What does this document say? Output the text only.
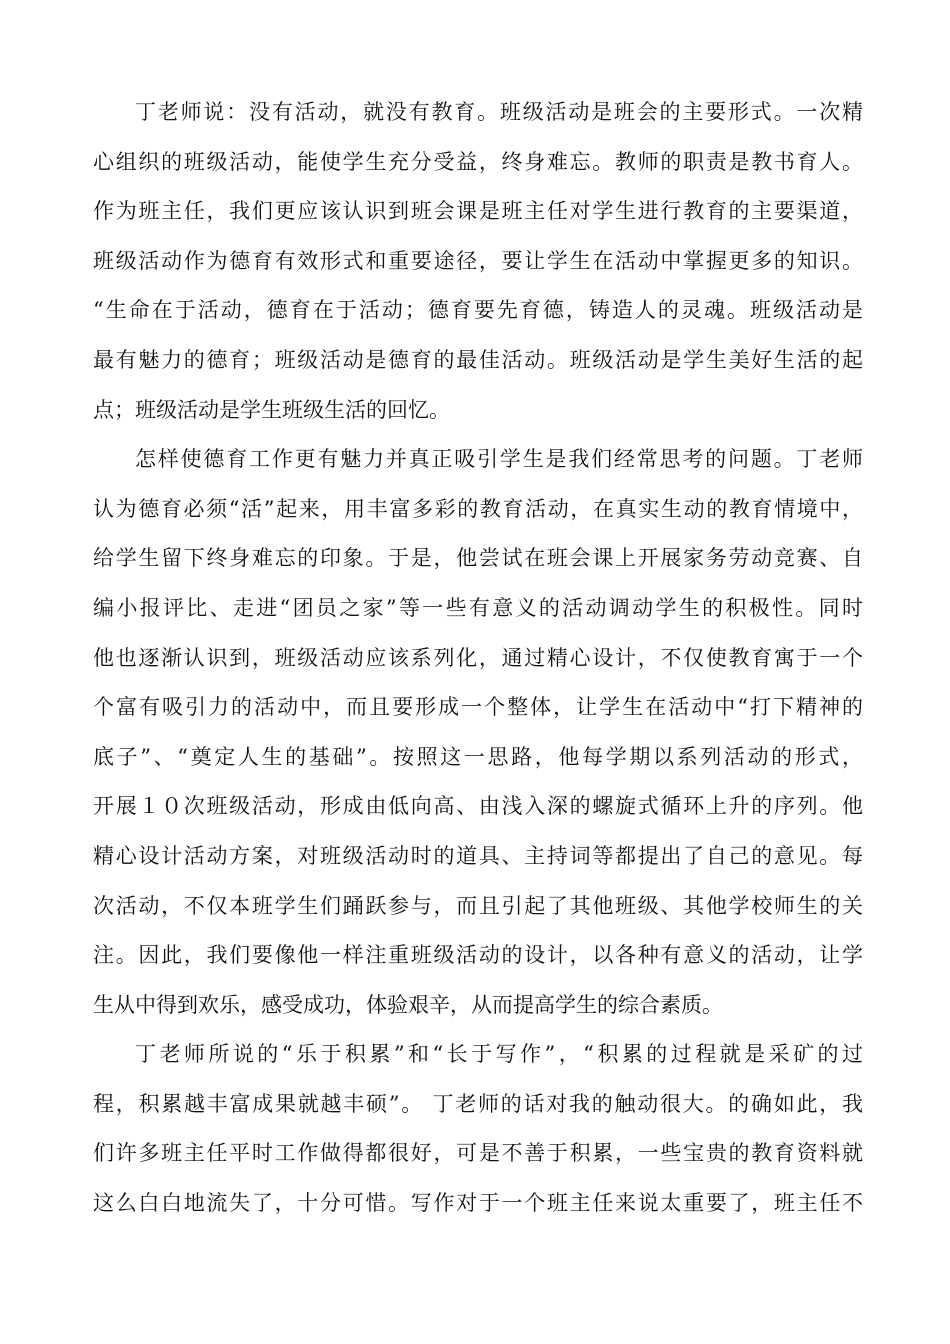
丁老师说：没有活动，就没有教育。班级活动是班会的主要形式。一次精
心组织的班级活动，能使学生充分受益，终身难忘。教师的职责是教书育人。
作为班主任，我们更应该认识到班会课是班主任对学生进行教育的主要渠道，
班级活动作为德育有效形式和重要途径，要让学生在活动中掌握更多的知识。
“生命在于活动，德育在于活动；德育要先育德，铸造人的灵魂。班级活动是
最有魅力的德育；班级活动是德育的最佳活动。班级活动是学生美好生活的起
点；班级活动是学生班级生活的回忆。
怎样使德育工作更有魅力并真正吸引学生是我们经常思考的问题。丁老师
认为德育必须“活”起来，用丰富多彩的教育活动，在真实生动的教育情境中，
给学生留下终身难忘的印象。于是，他尝试在班会课上开展家务劳动竞赛、自
编小报评比、走进“团员之家”等一些有意义的活动调动学生的积极性。同时
他也逐渐认识到，班级活动应该系列化，通过精心设计，不仅使教育寓于一个
个富有吸引力的活动中，而且要形成一个整体，让学生在活动中“打下精神的
底子”、“奠定人生的基础”。按照这一思路，他每学期以系列活动的形式，
开展１０次班级活动，形成由低向高、由浅入深的螺旋式循环上升的序列。他
精心设计活动方案，对班级活动时的道具、主持词等都提出了自己的意见。每
次活动，不仅本班学生们踊跃参与，而且引起了其他班级、其他学校师生的关
注。因此，我们要像他一样注重班级活动的设计，以各种有意义的活动，让学
生从中得到欢乐，感受成功，体验艰辛，从而提高学生的综合素质。
丁老师所说的“乐于积累”和“长于写作”，“积累的过程就是采矿的过
程，积累越丰富成果就越丰硕”。 丁老师的话对我的触动很大。的确如此，我
们许多班主任平时工作做得都很好，可是不善于积累，一些宝贵的教育资料就
这么白白地流失了，十分可惜。写作对于一个班主任来说太重要了，班主任不
